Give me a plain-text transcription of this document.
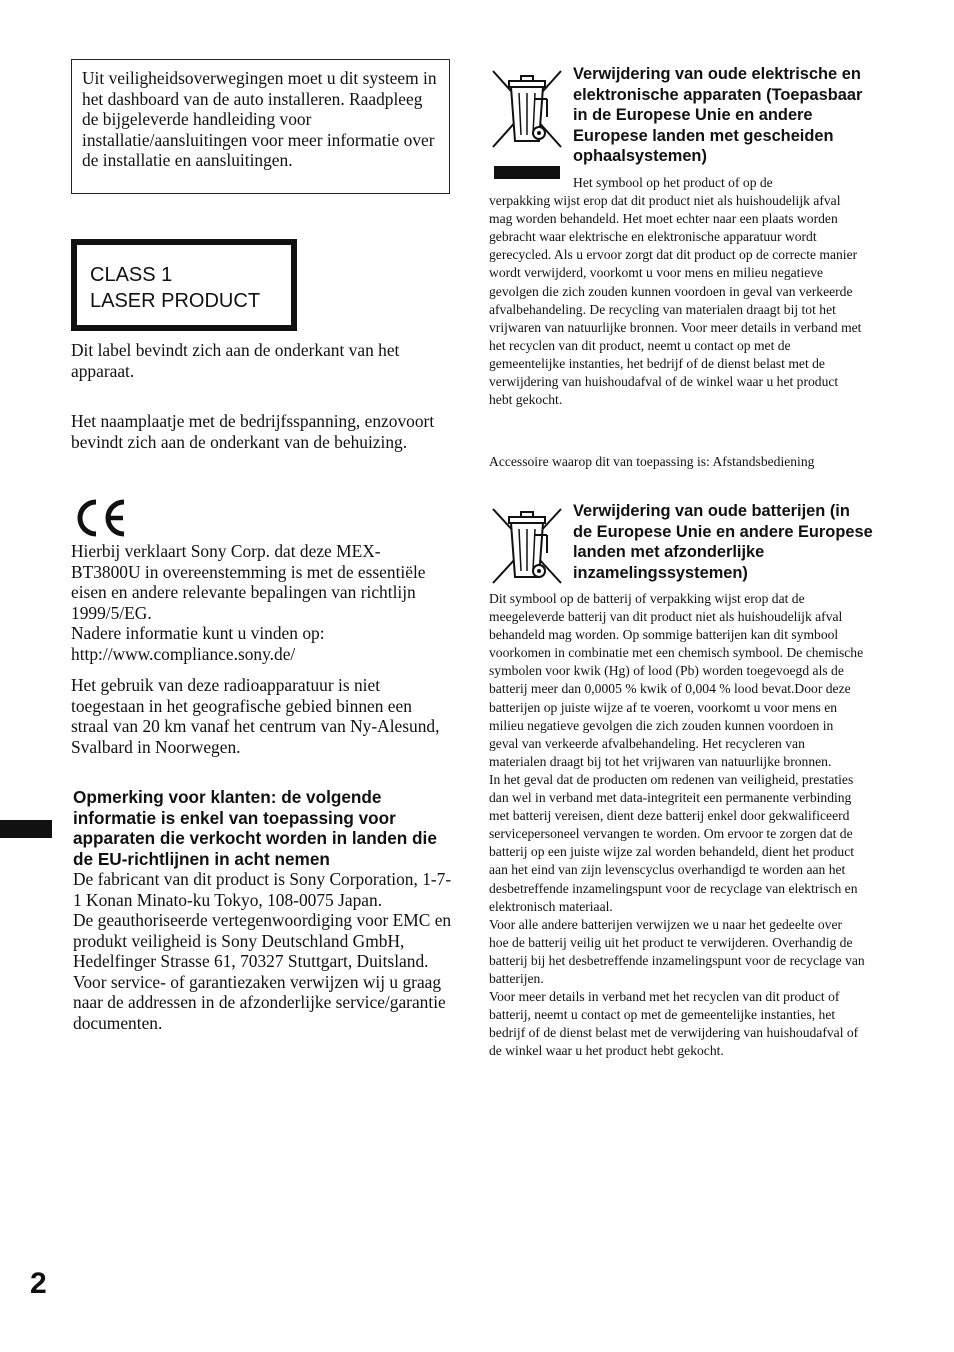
Uit veiligheidsoverwegingen moet u dit systeem in het dashboard van de auto installeren. Raadpleeg de bijgeleverde handleiding voor installatie/aansluitingen voor meer informatie over de installatie en aansluitingen.

CLASS 1
LASER PRODUCT

Dit label bevindt zich aan de onderkant van het apparaat.

Het naamplaatje met de bedrijfsspanning, enzovoort bevindt zich aan de onderkant van de behuizing.

Hierbij verklaart Sony Corp. dat deze MEX-BT3800U in overeenstemming is met de essentiële eisen en andere relevante bepalingen van richtlijn 1999/5/EG.

Nadere informatie kunt u vinden op:

http://www.compliance.sony.de/

Het gebruik van deze radioapparatuur is niet toegestaan in het geografische gebied binnen een straal van 20 km vanaf het centrum van Ny-Alesund, Svalbard in Noorwegen.

Opmerking voor klanten: de volgende informatie is enkel van toepassing voor apparaten die verkocht worden in landen die de EU-richtlijnen in acht nemen

De fabricant van dit product is Sony Corporation, 1-7-1 Konan Minato-ku Tokyo, 108-0075 Japan.

De geauthoriseerde vertegenwoordiging voor EMC en produkt veiligheid is Sony Deutschland GmbH, Hedelfinger Strasse 61, 70327 Stuttgart, Duitsland. Voor service- of garantiezaken verwijzen wij u graag naar de addressen in de afzonderlijke service/garantie documenten.

2
Verwijdering van oude elektrische en elektronische apparaten (Toepasbaar in de Europese Unie en andere Europese landen met gescheiden ophaalsystemen)
Het symbool op het product of op de
verpakking wijst erop dat dit product niet als huishoudelijk afval mag worden behandeld. Het moet echter naar een plaats worden gebracht waar elektrische en elektronische apparatuur wordt gerecycled. Als u ervoor zorgt dat dit product op de correcte manier wordt verwijderd, voorkomt u voor mens en milieu negatieve gevolgen die zich zouden kunnen voordoen in geval van verkeerde afvalbehandeling. De recycling van materialen draagt bij tot het vrijwaren van natuurlijke bronnen. Voor meer details in verband met het recyclen van dit product, neemt u contact op met de gemeentelijke instanties, het bedrijf of de dienst belast met de verwijdering van huishoudafval of de winkel waar u het product hebt gekocht.

Accessoire waarop dit van toepassing is: Afstandsbediening

Verwijdering van oude batterijen (in de Europese Unie en andere Europese landen met afzonderlijke inzamelingssystemen)

Dit symbool op de batterij of verpakking wijst erop dat de meegeleverde batterij van dit product niet als huishoudelijk afval behandeld mag worden. Op sommige batterijen kan dit symbool voorkomen in combinatie met een chemisch symbool. De chemische symbolen voor kwik (Hg) of lood (Pb) worden toegevoegd als de batterij meer dan 0,0005 % kwik of 0,004 % lood bevat.Door deze batterijen op juiste wijze af te voeren, voorkomt u voor mens en milieu negatieve gevolgen die zich zouden kunnen voordoen in geval van verkeerde afvalbehandeling. Het recycleren van materialen draagt bij tot het vrijwaren van natuurlijke bronnen.

In het geval dat de producten om redenen van veiligheid, prestaties dan wel in verband met data-integriteit een permanente verbinding met batterij vereisen, dient deze batterij enkel door gekwalificeerd servicepersoneel vervangen te worden. Om ervoor te zorgen dat de batterij op een juiste wijze zal worden behandeld, dient het product aan het eind van zijn levenscyclus overhandigd te worden aan het desbetreffende inzamelingspunt voor de recyclage van elektrisch en elektronisch materiaal.

Voor alle andere batterijen verwijzen we u naar het gedeelte over hoe de batterij veilig uit het product te verwijderen. Overhandig de batterij bij het desbetreffende inzamelingspunt voor de recyclage van batterijen.

Voor meer details in verband met het recyclen van dit product of batterij, neemt u contact op met de gemeentelijke instanties, het bedrijf of de dienst belast met de verwijdering van huishoudafval of de winkel waar u het product hebt gekocht.
